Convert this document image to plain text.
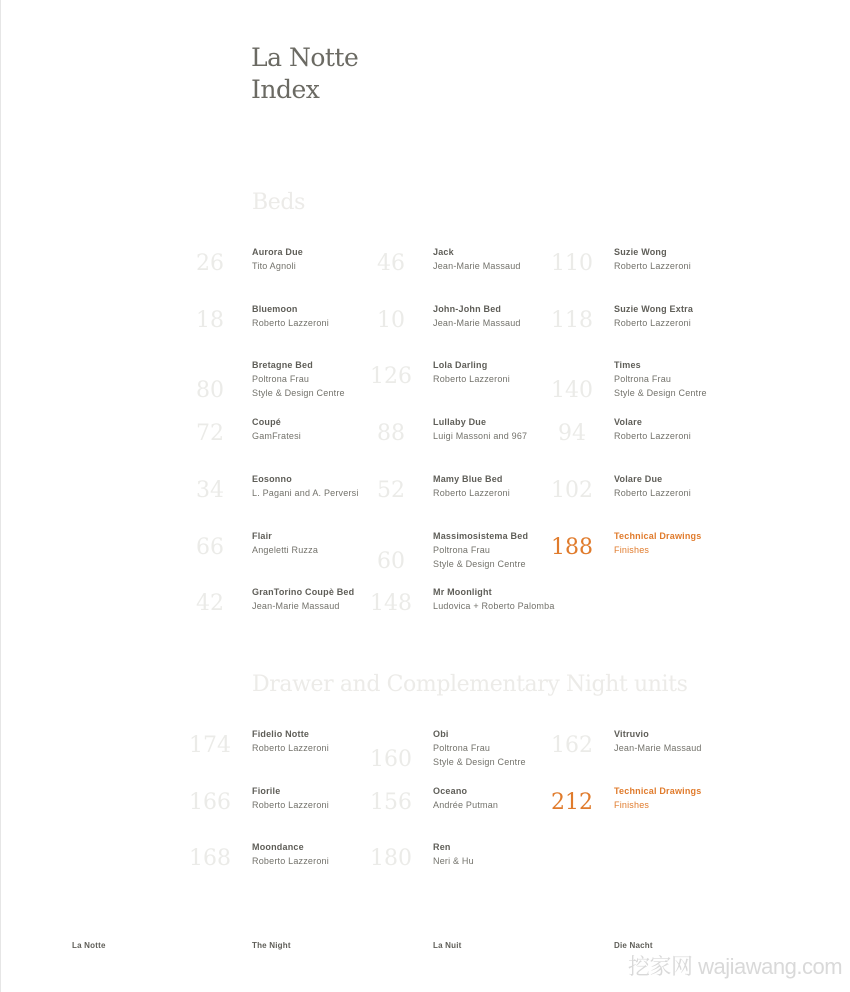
La Notte
Index
Beds
Drawer and Complementary Night units
26	Aurora Due
Tito Agnoli
18	Bluemoon
Roberto Lazzeroni
80
Bretagne Bed
Poltrona Frau
Style & Design Centre
72	Coupé
GamFratesi
34	Eosonno
L. Pagani and A. Perversi
66	Flair
Angeletti Ruzza
42	GranTorino Coupè Bed
Jean-Marie Massaud
46	Jack
Jean-Marie Massaud
10	John-John Bed
Jean-Marie Massaud
126	Lola Darling
Roberto Lazzeroni
88	Lullaby Due
Luigi Massoni and 967
52	Mamy Blue Bed
Roberto Lazzeroni
60
Massimosistema Bed
Poltrona Frau
Style & Design Centre
148	Mr Moonlight
Ludovica + Roberto Palomba
110	Suzie Wong
Roberto Lazzeroni
118	Suzie Wong Extra
Roberto Lazzeroni
140
Times
Poltrona Frau
Style & Design Centre
94	Volare
Roberto Lazzeroni
102	Volare Due
Roberto Lazzeroni
188	Technical Drawings
Finishes
174	Fidelio Notte
Roberto Lazzeroni
166	Fiorile
Roberto Lazzeroni
168	Moondance
Roberto Lazzeroni
160
Obi
Poltrona Frau
Style & Design Centre
156	Oceano
Andrée Putman
180	Ren
Neri & Hu
162	Vitruvio
Jean-Marie Massaud
212	Technical Drawings
Finishes
La Notte	The Night	La Nuit	Die Nacht
挖家网 wajiawang.com
